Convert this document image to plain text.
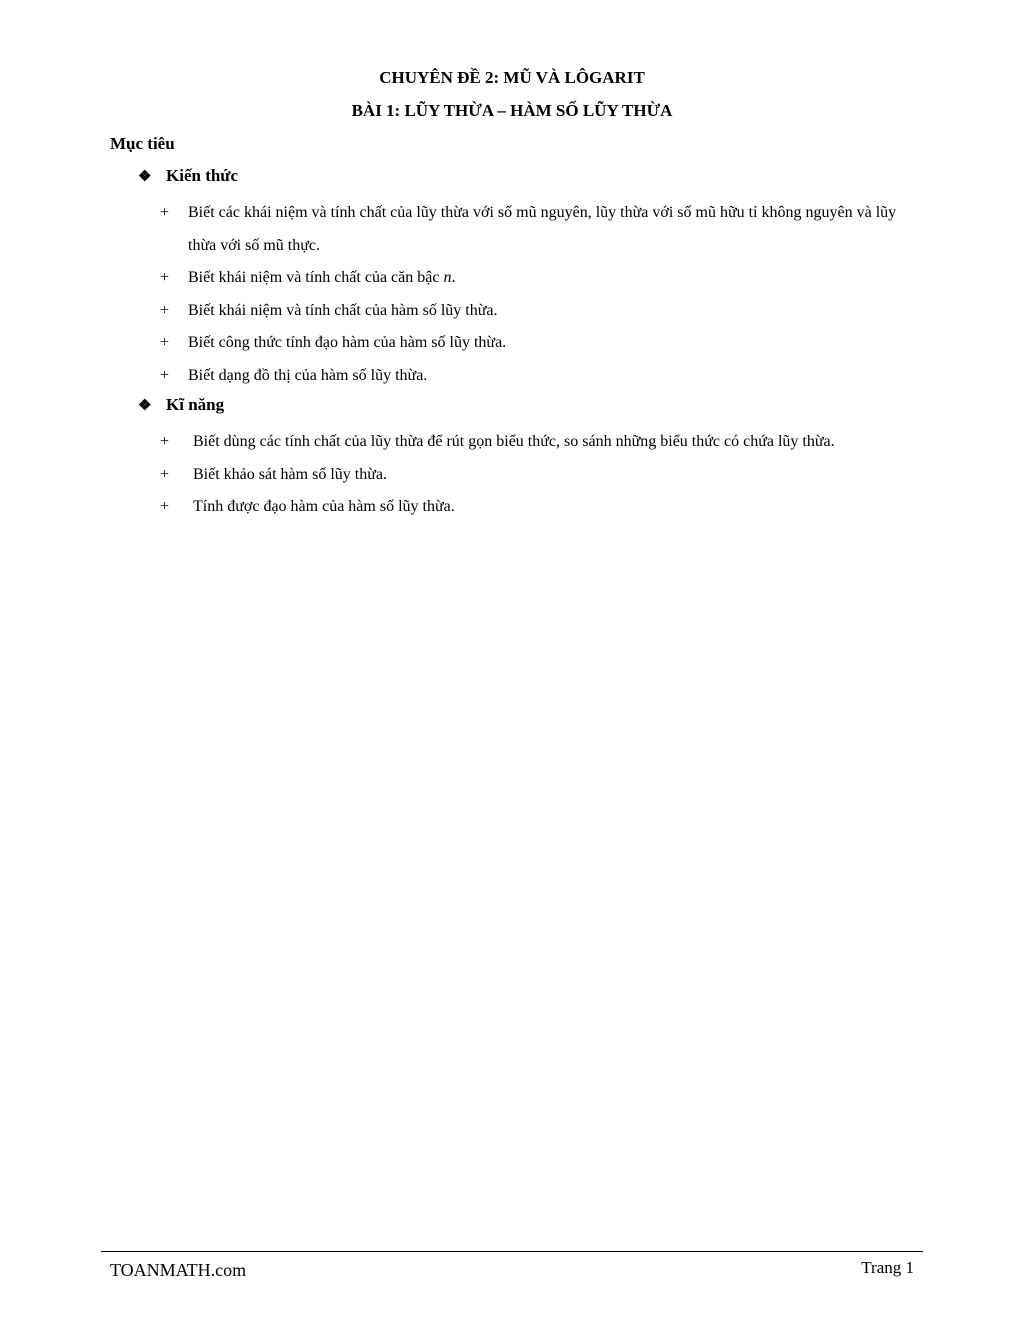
CHUYÊN ĐỀ 2: MŨ VÀ LÔGARIT

BÀI 1: LŨY THỪA – HÀM SỐ LŨY THỪA

Mục tiêu

❖ Kiến thức
+ Biết các khái niệm và tính chất của lũy thừa với số mũ nguyên, lũy thừa với số mũ hữu tỉ không nguyên và lũy thừa với số mũ thực.
+ Biết khái niệm và tính chất của căn bậc n.
+ Biết khái niệm và tính chất của hàm số lũy thừa.
+ Biết công thức tính đạo hàm của hàm số lũy thừa.
+ Biết dạng đồ thị của hàm số lũy thừa.
❖ Kĩ năng
+ Biết dùng các tính chất của lũy thừa để rút gọn biểu thức, so sánh những biểu thức có chứa lũy thừa.
+ Biết khảo sát hàm số lũy thừa.
+ Tính được đạo hàm của hàm số lũy thừa.
TOANMATH.com	Trang 1
